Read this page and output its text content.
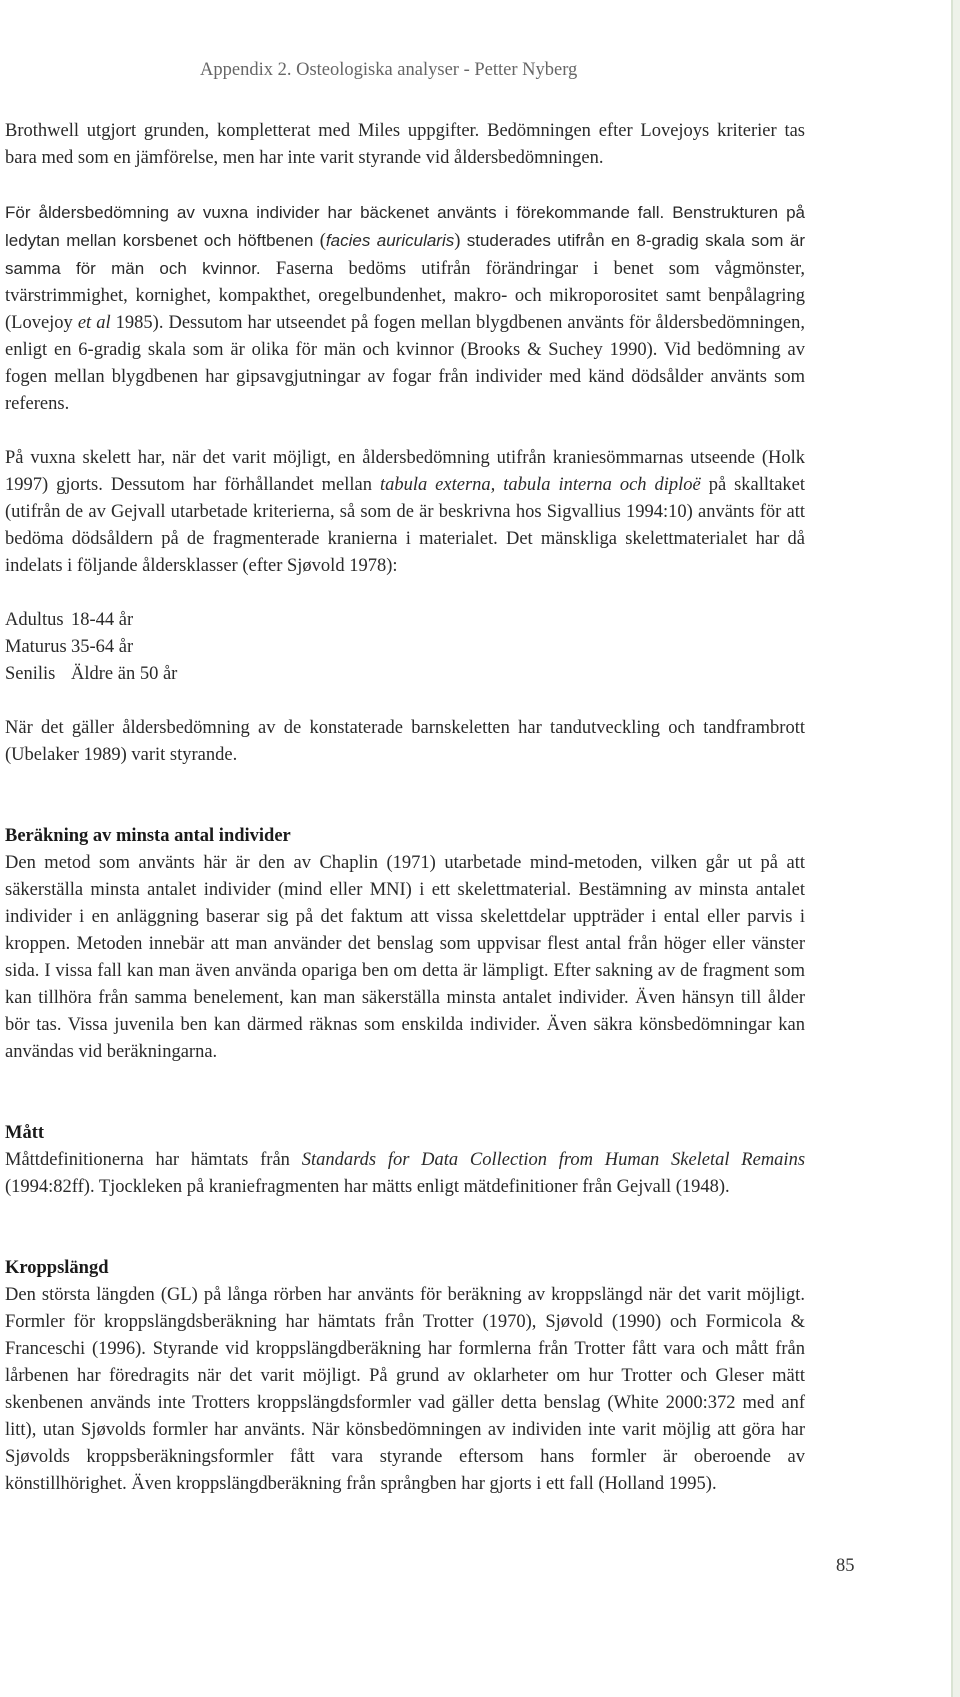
Appendix 2. Osteologiska analyser - Petter Nyberg

Brothwell utgjort grunden, kompletterat med Miles uppgifter. Bedömningen efter Lovejoys kriterier tas bara med som en jämförelse, men har inte varit styrande vid åldersbedömningen.

För åldersbedömning av vuxna individer har bäckenet använts i förekommande fall. Benstrukturen på ledytan mellan korsbenet och höftbenen (facies auricularis) studerades utifrån en 8-gradig skala som är samma för män och kvinnor. Faserna bedöms utifrån förändringar i benet som vågmönster, tvärstrimmighet, kornighet, kompakthet, oregelbundenhet, makro- och mikroporositet samt benpålagring (Lovejoy et al 1985). Dessutom har utseendet på fogen mellan blygdbenen använts för åldersbedömningen, enligt en 6-gradig skala som är olika för män och kvinnor (Brooks & Suchey 1990). Vid bedömning av fogen mellan blygdbenen har gipsavgjutningar av fogar från individer med känd dödsålder använts som referens.

På vuxna skelett har, när det varit möjligt, en åldersbedömning utifrån kraniesömmarnas utseende (Holk 1997) gjorts. Dessutom har förhållandet mellan tabula externa, tabula interna och diploë på skalltaket (utifrån de av Gejvall utarbetade kriterierna, så som de är beskrivna hos Sigvallius 1994:10) använts för att bedöma dödsåldern på de fragmenterade kranierna i materialet. Det mänskliga skelettmaterialet har då indelats i följande åldersklasser (efter Sjøvold 1978):

Adultus 18-44 år
Maturus 35-64 år
Senilis Äldre än 50 år

När det gäller åldersbedömning av de konstaterade barnskeletten har tandutveckling och tandframbrott (Ubelaker 1989) varit styrande.

Beräkning av minsta antal individer

Den metod som använts här är den av Chaplin (1971) utarbetade mind-metoden, vilken går ut på att säkerställa minsta antalet individer (mind eller MNI) i ett skelettmaterial. Bestämning av minsta antalet individer i en anläggning baserar sig på det faktum att vissa skelettdelar uppträder i ental eller parvis i kroppen. Metoden innebär att man använder det benslag som uppvisar flest antal från höger eller vänster sida. I vissa fall kan man även använda opariga ben om detta är lämpligt. Efter sakning av de fragment som kan tillhöra från samma benelement, kan man säkerställa minsta antalet individer. Även hänsyn till ålder bör tas. Vissa juvenila ben kan därmed räknas som enskilda individer. Även säkra könsbedömningar kan användas vid beräkningarna.

Mått

Måttdefinitionerna har hämtats från Standards for Data Collection from Human Skeletal Remains (1994:82ff). Tjockleken på kraniefragmenten har mätts enligt mätdefinitioner från Gejvall (1948).

Kroppslängd

Den största längden (GL) på långa rörben har använts för beräkning av kroppslängd när det varit möjligt. Formler för kroppslängdsberäkning har hämtats från Trotter (1970), Sjøvold (1990) och Formicola & Franceschi (1996). Styrande vid kroppslängdberäkning har formlerna från Trotter fått vara och mått från lårbenen har föredragits när det varit möjligt. På grund av oklarheter om hur Trotter och Gleser mätt skenbenen används inte Trotters kroppslängdsformler vad gäller detta benslag (White 2000:372 med anf litt), utan Sjøvolds formler har använts. När könsbedömningen av individen inte varit möjlig att göra har Sjøvolds kroppsberäkningsformler fått vara styrande eftersom hans formler är oberoende av könstillhörighet. Även kroppslängdberäkning från språngben har gjorts i ett fall (Holland 1995).

85
